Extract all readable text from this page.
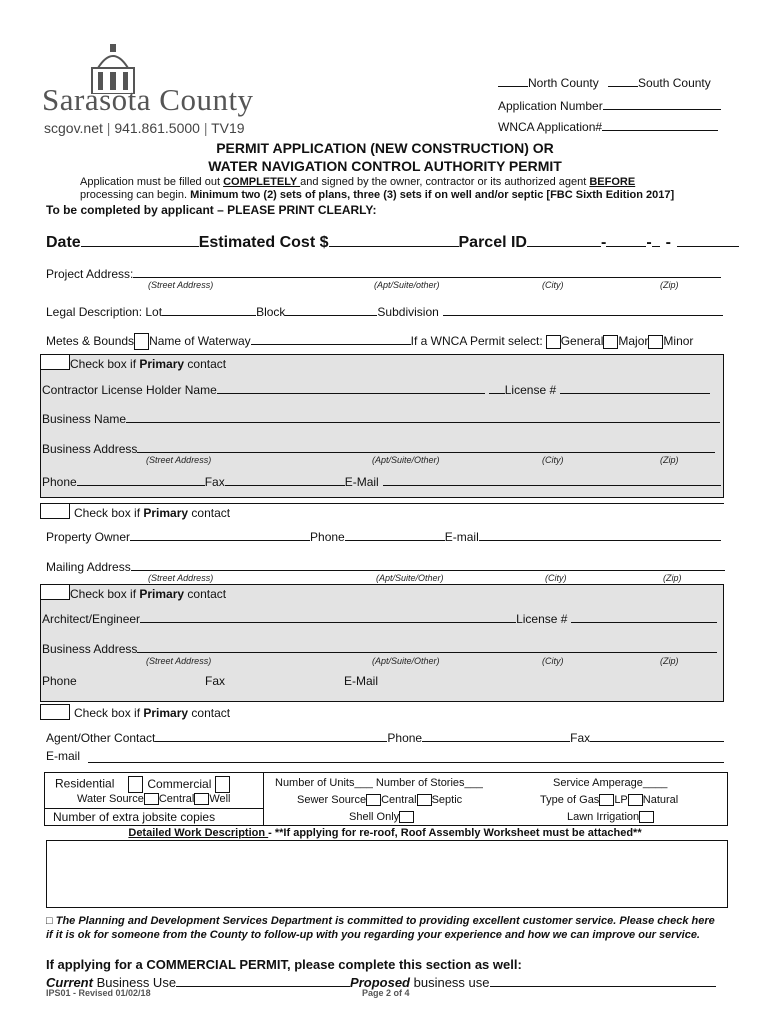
Sarasota County
scgov.net | 941.861.5000 | TV19
North County	South County
Application Number
WNCA Application#
PERMIT APPLICATION (NEW CONSTRUCTION) OR
WATER NAVIGATION CONTROL AUTHORITY PERMIT
Application must be filled out COMPLETELY and signed by the owner, contractor or its authorized agent BEFORE
processing can begin. Minimum two (2) sets of plans, three (3) sets if on well and/or septic [FBC Sixth Edition 2017]
To be completed by applicant – PLEASE PRINT CLEARLY:
Date	Estimated Cost $	Parcel ID	-	- -
Project Address:
(Street Address)	(Apt/Suite/other)	(City)	(Zip)
Legal Description: Lot	Block	Subdivision
Metes & Bounds Name of Waterway	If a WNCA Permit select: General Major Minor
Check box if Primary contact
Contractor License Holder Name	License #
Business Name
Business Address
(Street Address)	(Apt/Suite/Other)	(City)	(Zip)
Phone	Fax	E-Mail
Check box if Primary contact
Property Owner	Phone	E-mail
Mailing Address
(Street Address)	(Apt/Suite/Other)	(City)	(Zip)
Check box if Primary contact
Architect/Engineer	License #
Business Address
(Street Address)	(Apt/Suite/Other)	(City)	(Zip)
Phone	Fax	E-Mail
Check box if Primary contact
Agent/Other Contact	Phone	Fax
E-mail
Residential	Commercial
Water Source Central Well
Number of extra jobsite copies
Number of Units___ Number of Stories___
Sewer Source Central Septic
Shell Only
Service Amperage____
Type of Gas LP Natural
Lawn Irrigation
Detailed Work Description - **If applying for re-roof, Roof Assembly Worksheet must be attached**
□ The Planning and Development Services Department is committed to providing excellent customer service. Please check here
if it is ok for someone from the County to follow-up with you regarding your experience and how we can improve our service.
If applying for a COMMERCIAL PERMIT, please complete this section as well:
Current Business Use	Proposed business use
IPS01 - Revised 01/02/18	Page 2 of 4
